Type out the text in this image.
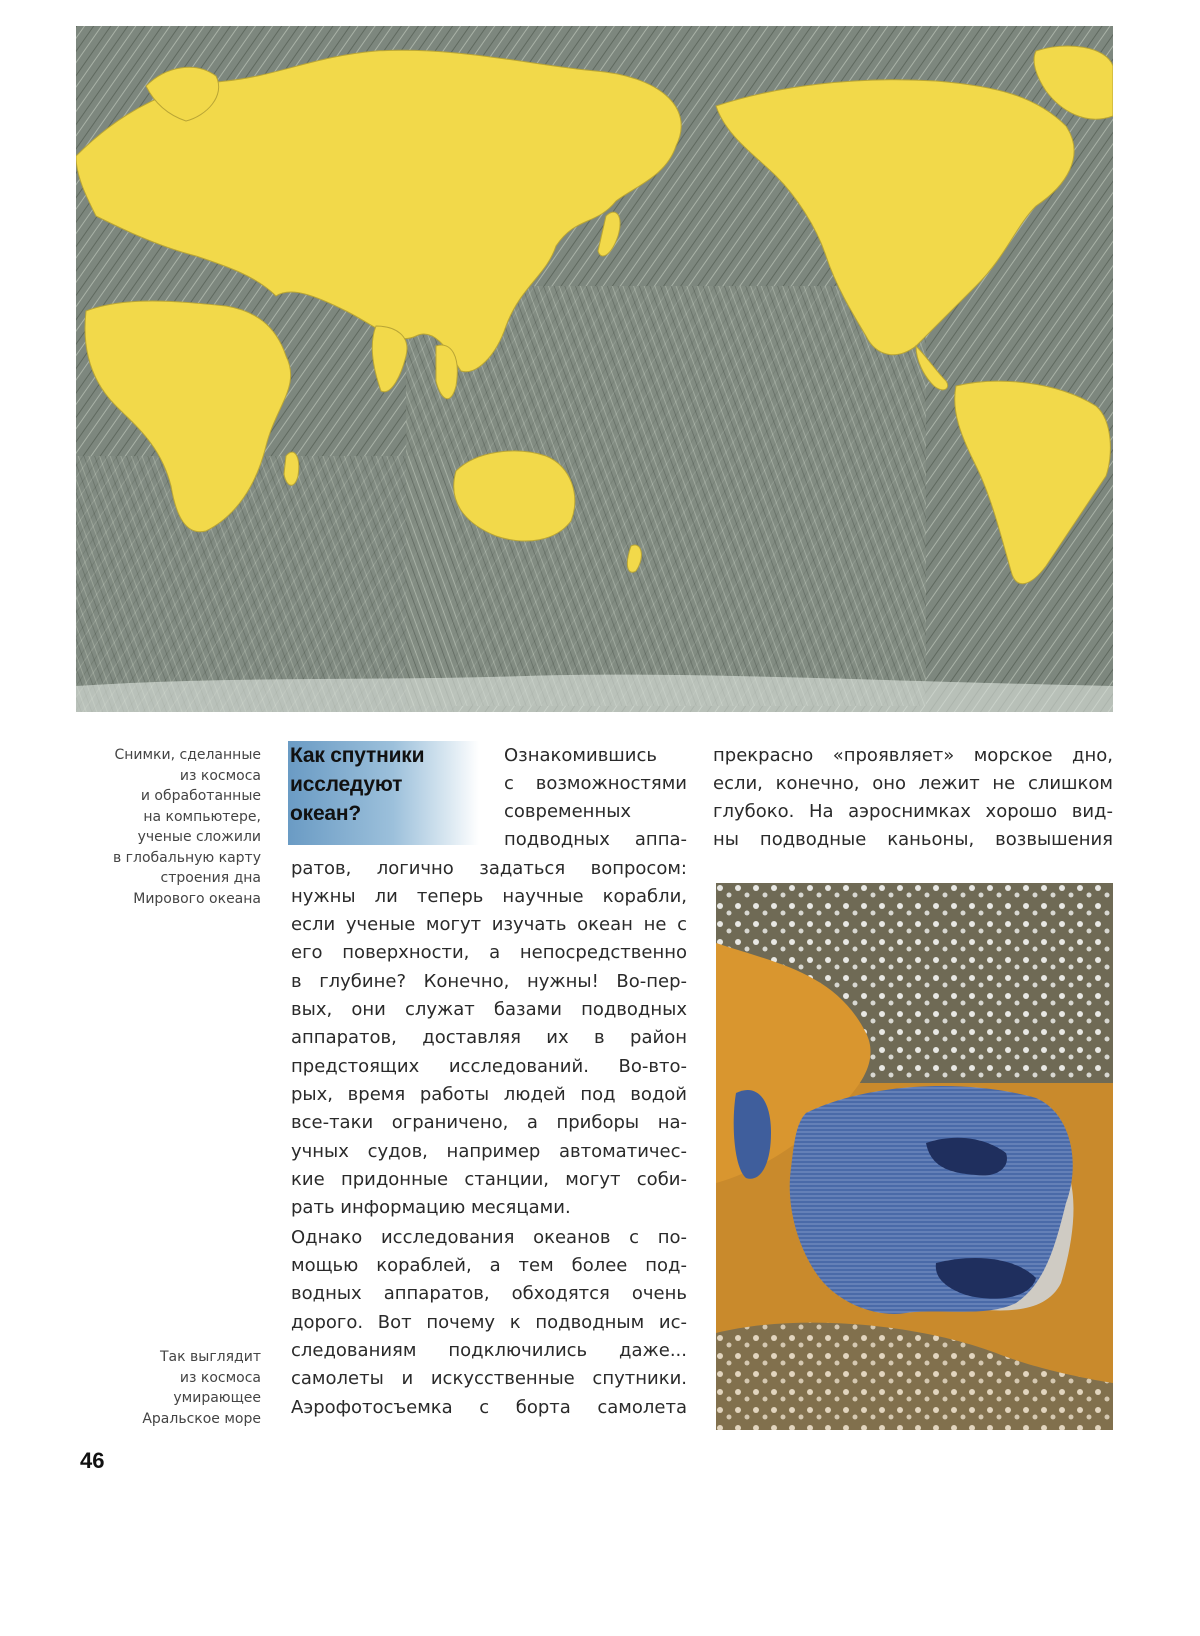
Снимки, сделанные
из космоса
и обработанные
на компьютере,
ученые сложили
в глобальную карту
строения дна
Мирового океана
Так выглядит
из космоса
умирающее
Аральское море
Как спутники
исследуют
океан?
Ознакомившись
с возможностями
современных
подводных аппа-
ратов, логично задаться вопросом:
нужны ли теперь научные корабли,
если ученые могут изучать океан не с
его поверхности, а непосредственно
в глубине? Конечно, нужны! Во-пер-
вых, они служат базами подводных
аппаратов, доставляя их в район
предстоящих исследований. Во-вто-
рых, время работы людей под водой
все-таки ограничено, а приборы на-
учных судов, например автоматичес-
кие придонные станции, могут соби-
рать информацию месяцами.
Однако исследования океанов с по-
мощью кораблей, а тем более под-
водных аппаратов, обходятся очень
дорого. Вот почему к подводным ис-
следованиям подключились даже...
самолеты и искусственные спутники.
Аэрофотосъемка с борта самолета
прекрасно «проявляет» морское дно,
если, конечно, оно лежит не слишком
глубоко. На аэроснимках хорошо вид-
ны подводные каньоны, возвышения
46
